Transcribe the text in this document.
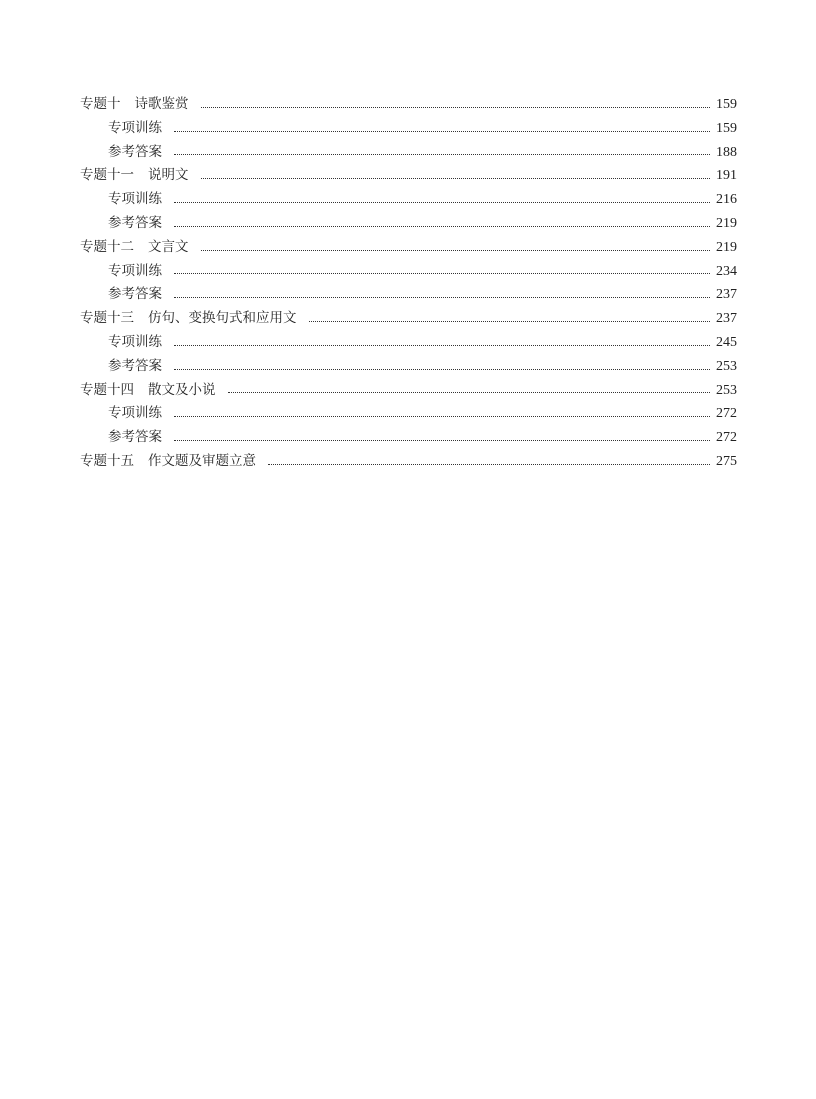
专题十 诗歌鉴赏	159
专项训练	159
参考答案	188
专题十一 说明文	191
专项训练	216
参考答案	219
专题十二 文言文	219
专项训练	234
参考答案	237
专题十三 仿句、变换句式和应用文	237
专项训练	245
参考答案	253
专题十四 散文及小说	253
专项训练	272
参考答案	272
专题十五 作文题及审题立意	275
